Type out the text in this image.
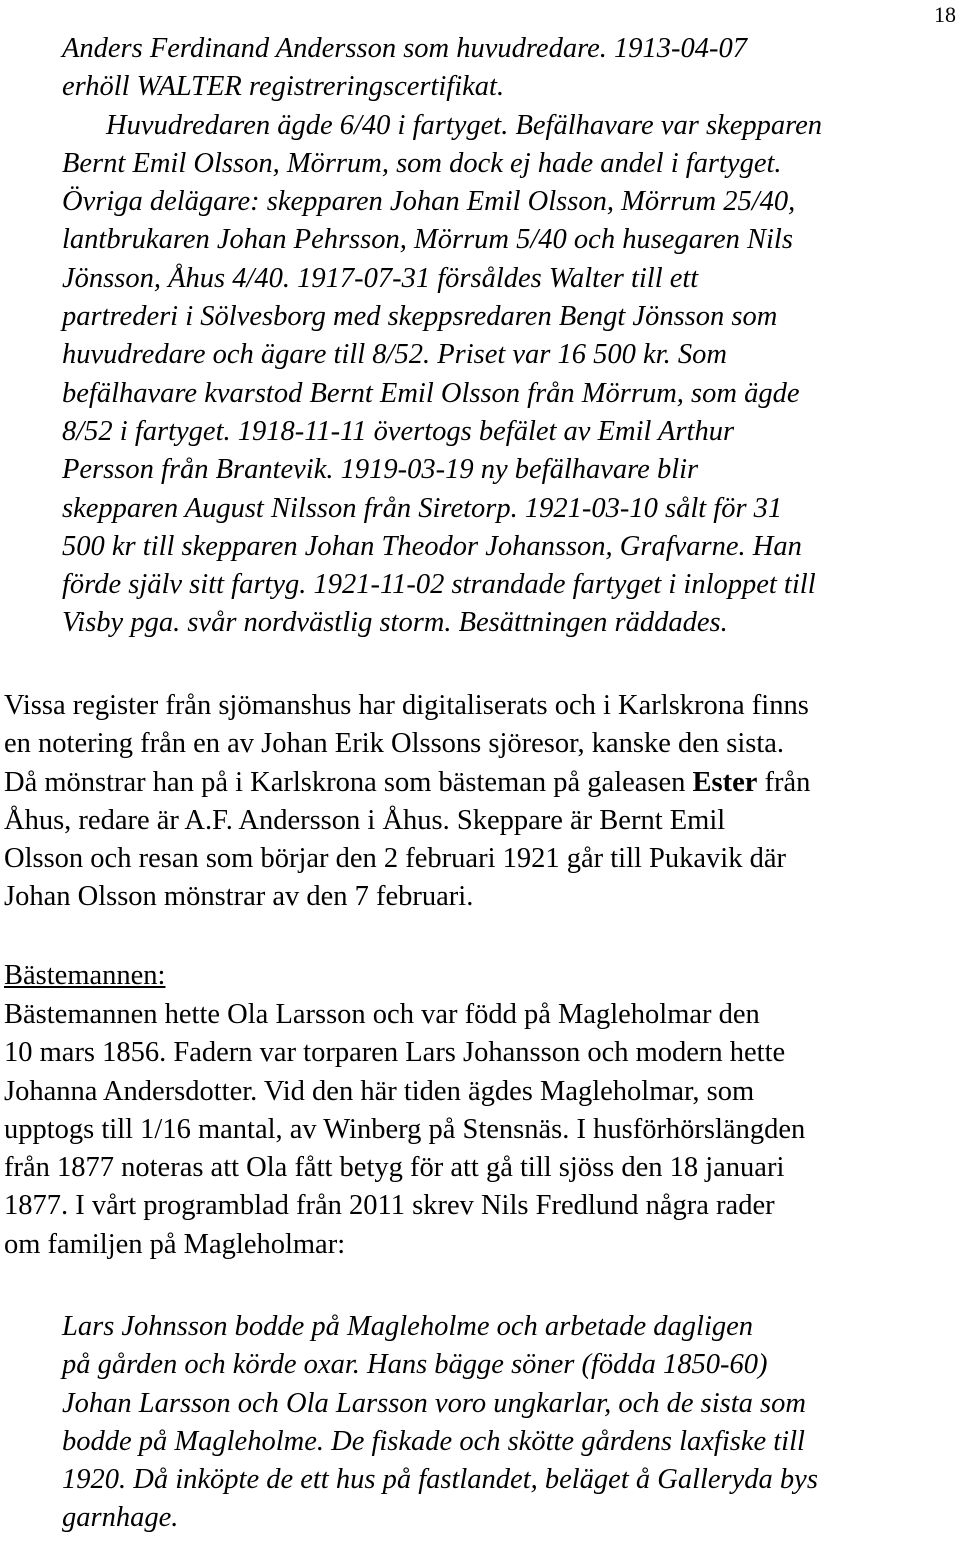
18
Anders Ferdinand Andersson som huvudredare. 1913-04-07
erhöll WALTER registreringscertifikat.
Huvudredaren ägde 6/40 i fartyget. Befälhavare var skepparen
Bernt Emil Olsson, Mörrum, som dock ej hade andel i fartyget.
Övriga delägare: skepparen Johan Emil Olsson, Mörrum 25/40,
lantbrukaren Johan Pehrsson, Mörrum 5/40 och husegaren Nils
Jönsson, Åhus 4/40. 1917-07-31 försåldes Walter till ett
partrederi i Sölvesborg med skeppsredaren Bengt Jönsson som
huvudredare och ägare till 8/52. Priset var 16 500 kr. Som
befälhavare kvarstod Bernt Emil Olsson från Mörrum, som ägde
8/52 i fartyget. 1918-11-11 övertogs befälet av Emil Arthur
Persson från Brantevik. 1919-03-19 ny befälhavare blir
skepparen August Nilsson från Siretorp. 1921-03-10 sålt för 31
500 kr till skepparen Johan Theodor Johansson, Grafvarne. Han
förde själv sitt fartyg. 1921-11-02 strandade fartyget i inloppet till
Visby pga. svår nordvästlig storm. Besättningen räddades.
Vissa register från sjömanshus har digitaliserats och i Karlskrona finns
en notering från en av Johan Erik Olssons sjöresor, kanske den sista.
Då mönstrar han på i Karlskrona som bästeman på galeasen Ester från
Åhus, redare är A.F. Andersson i Åhus. Skeppare är Bernt Emil
Olsson och resan som börjar den 2 februari 1921 går till Pukavik där
Johan Olsson mönstrar av den 7 februari.
Bästemannen:
Bästemannen hette Ola Larsson och var född på Magleholmar den
10 mars 1856. Fadern var torparen Lars Johansson och modern hette
Johanna Andersdotter. Vid den här tiden ägdes Magleholmar, som
upptogs till 1/16 mantal, av Winberg på Stensnäs. I husförhörslängden
från 1877 noteras att Ola fått betyg för att gå till sjöss den 18 januari
1877. I vårt programblad från 2011 skrev Nils Fredlund några rader
om familjen på Magleholmar:
Lars Johnsson bodde på Magleholme och arbetade dagligen
på gården och körde oxar. Hans bägge söner (födda 1850-60)
Johan Larsson och Ola Larsson voro ungkarlar, och de sista som
bodde på Magleholme. De fiskade och skötte gårdens laxfiske till
1920. Då inköpte de ett hus på fastlandet, beläget å Galleryda bys
garnhage.
